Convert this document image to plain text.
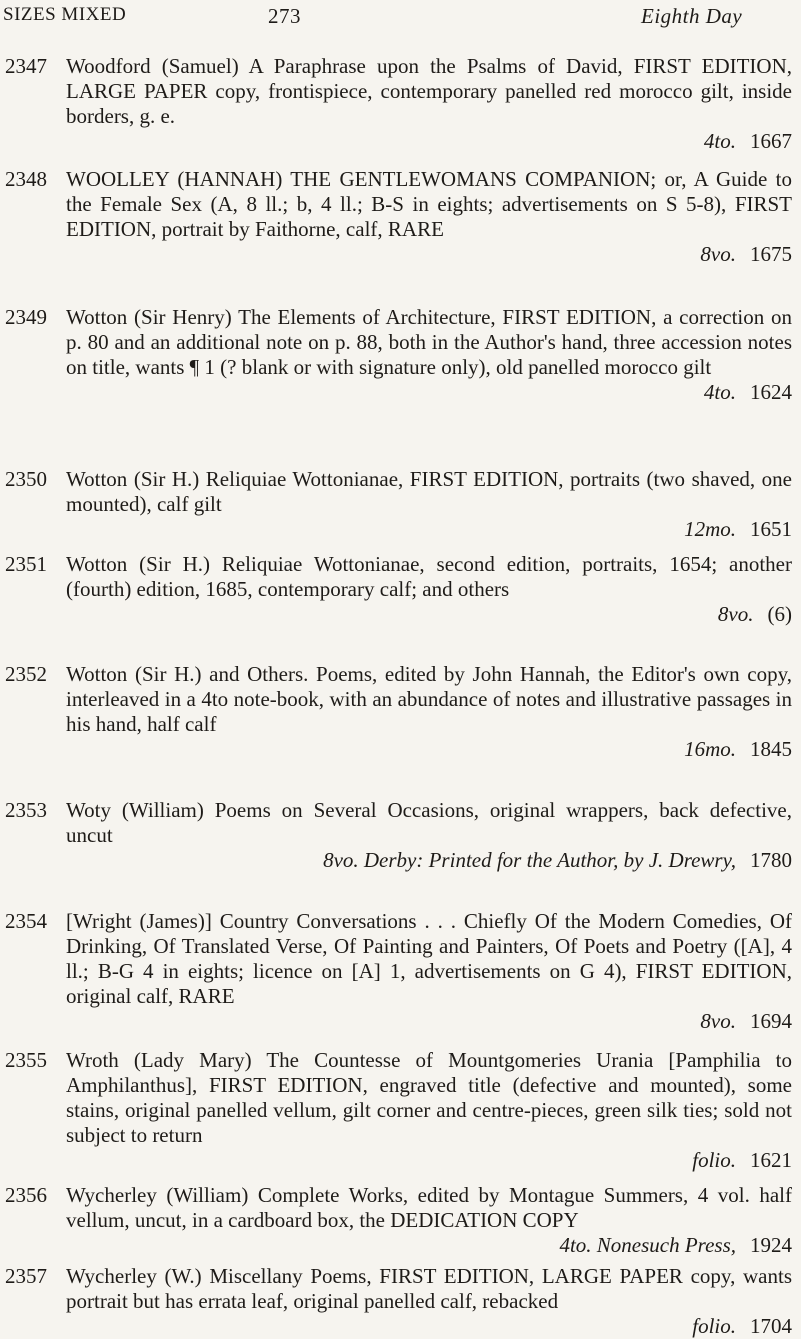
SIZES MIXED	273	Eighth Day
2347 Woodford (Samuel) A Paraphrase upon the Psalms of David, FIRST EDITION, LARGE PAPER copy, frontispiece, contemporary panelled red morocco gilt, inside borders, g. e.
4to. 1667
2348 WOOLLEY (HANNAH) THE GENTLEWOMANS COMPANION; or, A Guide to the Female Sex (A, 8 ll.; b, 4 ll.; B-S in eights; advertisements on S 5-8), FIRST EDITION, portrait by Faithorne, calf, RARE
8vo. 1675
2349 Wotton (Sir Henry) The Elements of Architecture, FIRST EDITION, a correction on p. 80 and an additional note on p. 88, both in the Author's hand, three accession notes on title, wants ¶ 1 (? blank or with signature only), old panelled morocco gilt
4to. 1624
2350 Wotton (Sir H.) Reliquiae Wottonianae, FIRST EDITION, portraits (two shaved, one mounted), calf gilt
12mo. 1651
2351 Wotton (Sir H.) Reliquiae Wottonianae, second edition, portraits, 1654; another (fourth) edition, 1685, contemporary calf; and others
8vo. (6)
2352 Wotton (Sir H.) and Others. Poems, edited by John Hannah, the Editor's own copy, interleaved in a 4to note-book, with an abundance of notes and illustrative passages in his hand, half calf
16mo. 1845
2353 Woty (William) Poems on Several Occasions, original wrappers, back defective, uncut
8vo. Derby: Printed for the Author, by J. Drewry, 1780
2354 [Wright (James)] Country Conversations . . . Chiefly Of the Modern Comedies, Of Drinking, Of Translated Verse, Of Painting and Painters, Of Poets and Poetry ([A], 4 ll.; B-G 4 in eights; licence on [A] 1, advertisements on G 4), FIRST EDITION, original calf, RARE
8vo. 1694
2355 Wroth (Lady Mary) The Countesse of Mountgomeries Urania [Pamphilia to Amphilanthus], FIRST EDITION, engraved title (defective and mounted), some stains, original panelled vellum, gilt corner and centre-pieces, green silk ties; sold not subject to return
folio. 1621
2356 Wycherley (William) Complete Works, edited by Montague Summers, 4 vol. half vellum, uncut, in a cardboard box, the DEDICATION COPY
4to. Nonesuch Press, 1924
2357 Wycherley (W.) Miscellany Poems, FIRST EDITION, LARGE PAPER copy, wants portrait but has errata leaf, original panelled calf, rebacked
folio. 1704
